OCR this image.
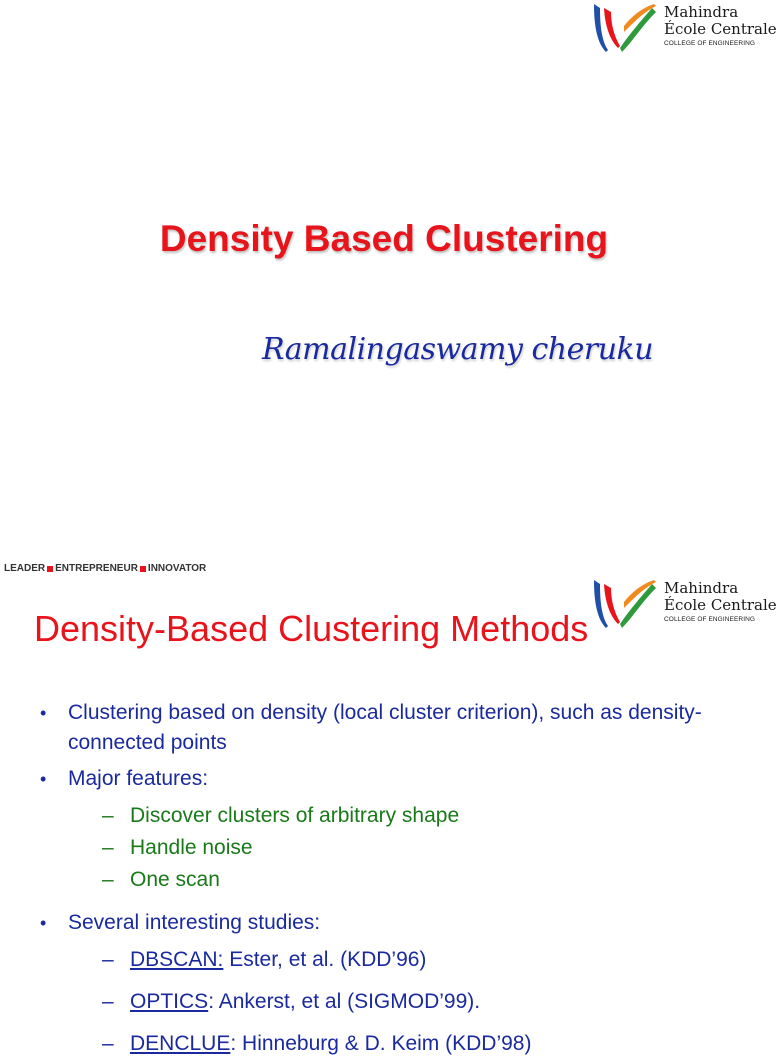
Mahindra
École Centrale
COLLEGE OF ENGINEERING
Density Based Clustering
Ramalingaswamy cheruku
LEADER ENTREPRENEUR INNOVATOR
Density-Based Clustering Methods
Mahindra
École Centrale
COLLEGE OF ENGINEERING
• Clustering based on density (local cluster criterion), such as density-connected points
• Major features:
– Discover clusters of arbitrary shape
– Handle noise
– One scan
• Several interesting studies:
– DBSCAN: Ester, et al. (KDD’96)
– OPTICS: Ankerst, et al (SIGMOD’99).
– DENCLUE: Hinneburg & D. Keim (KDD’98)
